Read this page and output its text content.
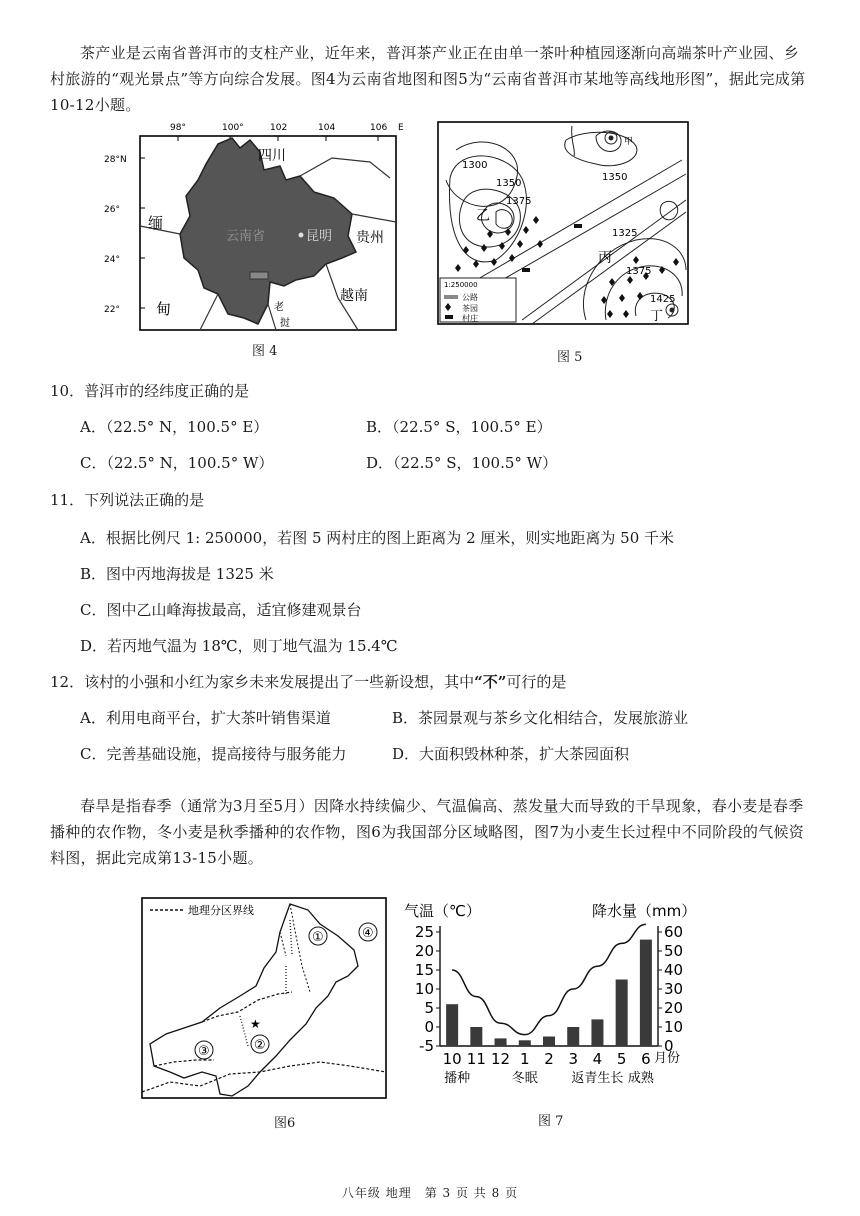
茶产业是云南省普洱市的支柱产业，近年来，普洱茶产业正在由单一茶叶种植园逐渐向高端茶叶产业园、乡村旅游的“观光景点”等方向综合发展。图4为云南省地图和图5为“云南省普洱市某地等高线地形图”，据此完成第10-12小题。
98°	100°	102	104	106 E
28°N
26°
24°
22°
四川
贵州
缅
甸
越南
云南省	昆明
老
挝
图 4
1300
1350
1375
1350
1325
1375
1425
甲
乙
丙
丁
1:250000
公路
茶园
村庄
图 5
10．普洱市的经纬度正确的是
A．（22.5° N，100.5° E）	B．（22.5° S，100.5° E）
C．（22.5° N，100.5° W）	D．（22.5° S，100.5° W）
11．下列说法正确的是
A．根据比例尺 1: 250000，若图 5 两村庄的图上距离为 2 厘米，则实地距离为 50 千米
B．图中丙地海拔是 1325 米
C．图中乙山峰海拔最高，适宜修建观景台
D．若丙地气温为 18℃，则丁地气温为 15.4℃
12．该村的小强和小红为家乡未来发展提出了一些新设想，其中“不”可行的是
A．利用电商平台，扩大茶叶销售渠道	B．茶园景观与茶乡文化相结合，发展旅游业
C．完善基础设施，提高接待与服务能力	D．大面积毁林种茶，扩大茶园面积
春旱是指春季（通常为3月至5月）因降水持续偏少、气温偏高、蒸发量大而导致的干旱现象，春小麦是春季播种的农作物，冬小麦是秋季播种的农作物，图6为我国部分区域略图，图7为小麦生长过程中不同阶段的气候资料图，据此完成第13-15小题。
地理分区界线
①
②
③
④
★
图6
气温（℃）	降水量（mm）
25
20
15
10
5
0
-5
60
50
40
30
20
10
0
10 11 12 1 2 3 4 5 6 月份
播种	冬眠	返青生长 成熟
图 7
八年级 地理　第 3 页 共 8 页
